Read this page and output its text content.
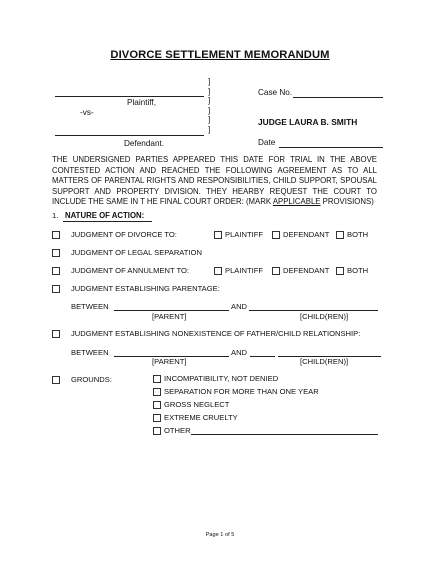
DIVORCE SETTLEMENT MEMORANDUM
Plaintiff,
-vs-
Defendant.
]
]
]
]
]
]
Case No.
JUDGE LAURA B. SMITH
Date
THE UNDERSIGNED PARTIES APPEARED THIS DATE FOR TRIAL IN THE ABOVE CONTESTED ACTION AND REACHED THE FOLLOWING AGREEMENT AS TO ALL MATTERS OF PARENTAL RIGHTS AND RESPONSIBILITIES, CHILD SUPPORT, SPOUSAL SUPPORT AND PROPERTY DIVISION. THEY HEARBY REQUEST THE COURT TO INCLUDE THE SAME IN T HE FINAL COURT ORDER: (MARK APPLICABLE PROVISIONS)
1. NATURE OF ACTION:
JUDGMENT OF DIVORCE TO:	PLAINTIFF	DEFENDANT BOTH
JUDGMENT OF LEGAL SEPARATION
JUDGMENT OF ANNULMENT TO:	PLAINTIFF	DEFENDANT BOTH
JUDGMENT ESTABLISHING PARENTAGE:
BETWEEN	AND
[PARENT]	[CHILD(REN)]
JUDGMENT ESTABLISHING NONEXISTENCE OF FATHER/CHILD RELATIONSHIP:
BETWEEN	AND
[PARENT]	[CHILD(REN)]
GROUNDS:	INCOMPATIBILITY, NOT DENIED
SEPARATION FOR MORE THAN ONE YEAR
GROSS NEGLECT
EXTREME CRUELTY
OTHER
Page 1 of 5
